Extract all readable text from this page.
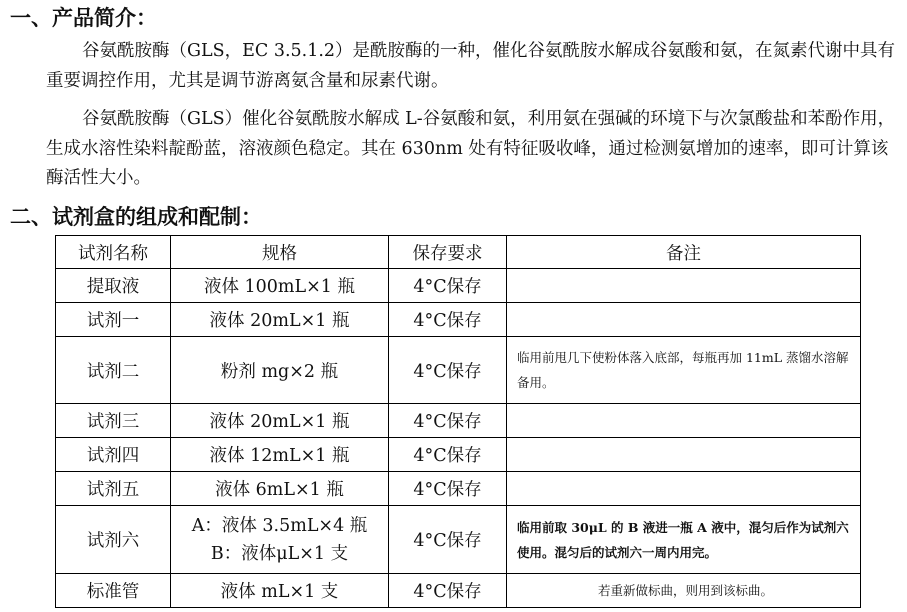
一、产品简介：

谷氨酰胺酶（GLS，EC 3.5.1.2）是酰胺酶的一种，催化谷氨酰胺水解成谷氨酸和氨，在氮素代谢中具有重要调控作用，尤其是调节游离氨含量和尿素代谢。

谷氨酰胺酶（GLS）催化谷氨酰胺水解成 L-谷氨酸和氨，利用氨在强碱的环境下与次氯酸盐和苯酚作用，生成水溶性染料靛酚蓝，溶液颜色稳定。其在 630nm 处有特征吸收峰，通过检测氨增加的速率，即可计算该酶活性大小。

二、试剂盒的组成和配制：
试剂名称	规格	保存要求	备注
提取液	液体 100mL×1 瓶	4°C保存	
试剂一	液体 20mL×1 瓶	4°C保存	
试剂二	粉剂 mg×2 瓶	4°C保存	临用前甩几下使粉体落入底部，每瓶再加 11mL 蒸馏水溶解备用。
试剂三	液体 20mL×1 瓶	4°C保存	
试剂四	液体 12mL×1 瓶	4°C保存	
试剂五	液体 6mL×1 瓶	4°C保存	
试剂六	A：液体 3.5mL×4 瓶
B：液体μL×1 支	4°C保存	临用前取 30μL 的 B 液进一瓶 A 液中，混匀后作为试剂六使用。混匀后的试剂六一周内用完。
标准管	液体 mL×1 支	4°C保存	若重新做标曲，则用到该标曲。
